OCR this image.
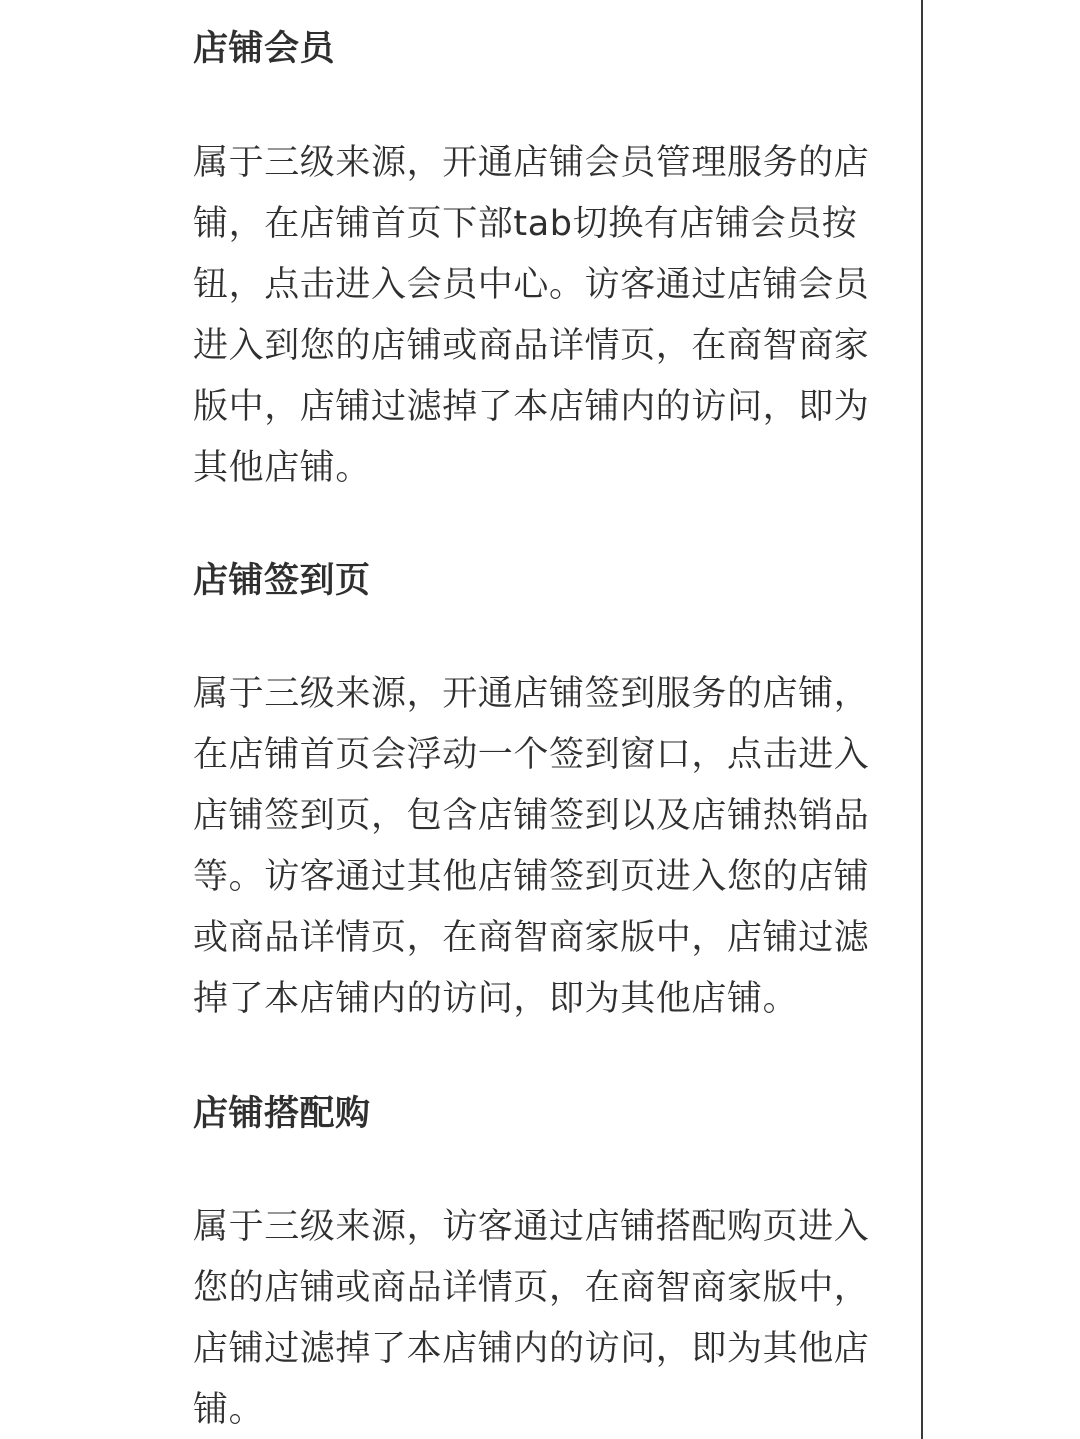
店铺会员

属于三级来源，开通店铺会员管理服务的店铺，在店铺首页下部tab切换有店铺会员按钮，点击进入会员中心。访客通过店铺会员进入到您的店铺或商品详情页，在商智商家版中，店铺过滤掉了本店铺内的访问，即为其他店铺。

店铺签到页

属于三级来源，开通店铺签到服务的店铺，在店铺首页会浮动一个签到窗口，点击进入店铺签到页，包含店铺签到以及店铺热销品等。访客通过其他店铺签到页进入您的店铺或商品详情页，在商智商家版中，店铺过滤掉了本店铺内的访问，即为其他店铺。

店铺搭配购

属于三级来源，访客通过店铺搭配购页进入您的店铺或商品详情页，在商智商家版中，店铺过滤掉了本店铺内的访问，即为其他店铺。
